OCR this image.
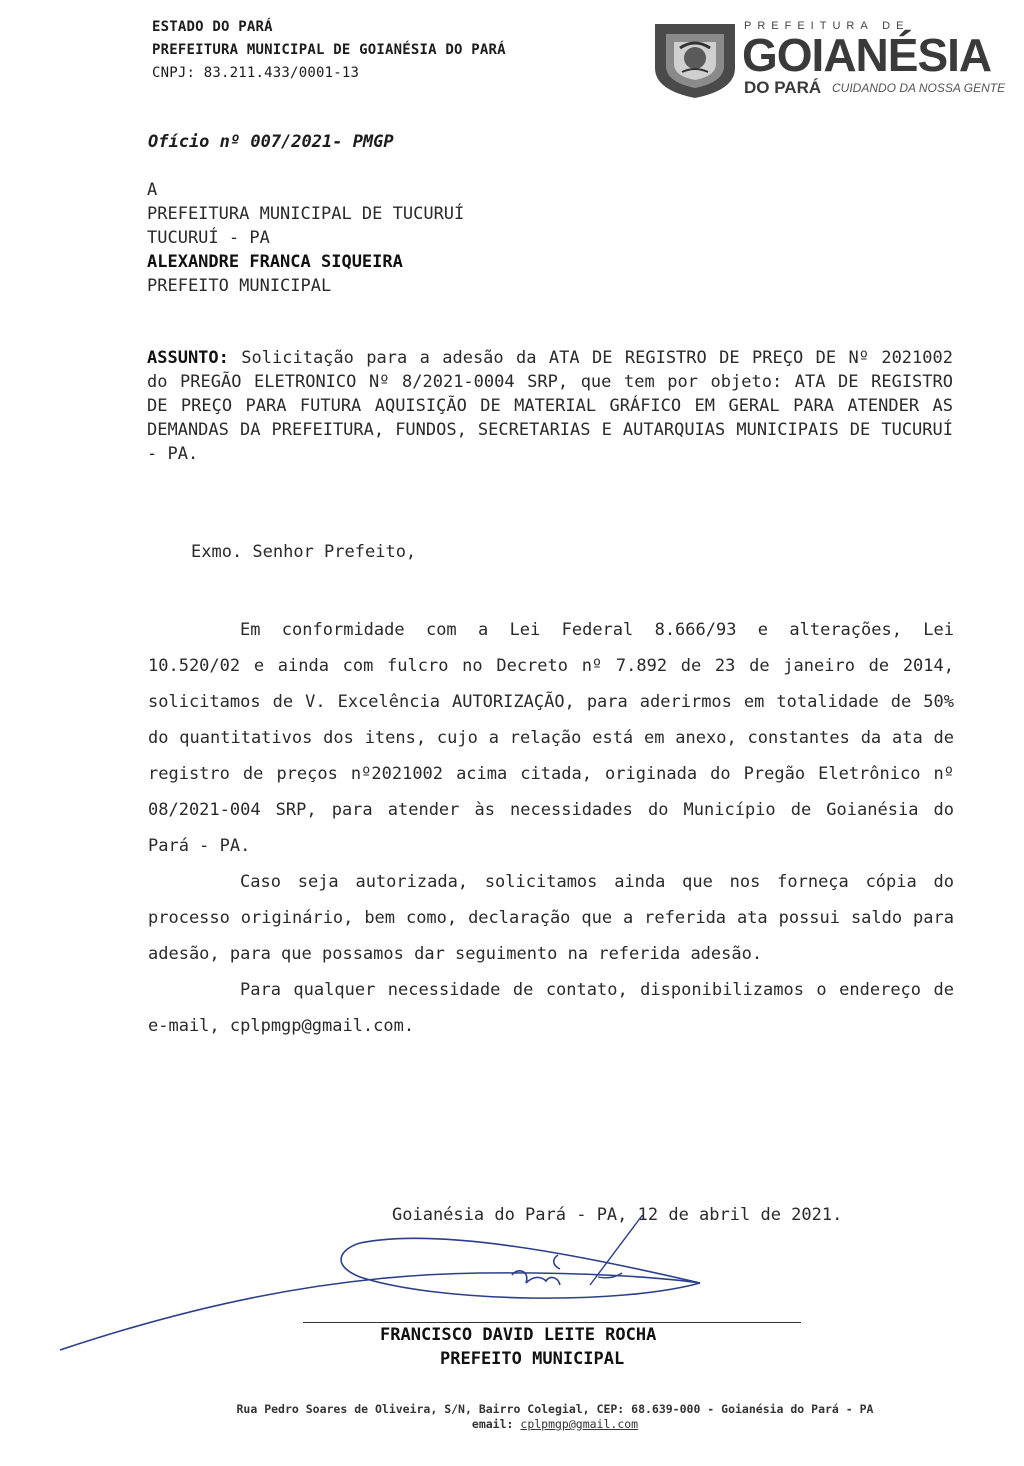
ESTADO DO PARÁ
PREFEITURA MUNICIPAL DE GOIANÉSIA DO PARÁ
CNPJ: 83.211.433/0001-13
PREFEITURA DE
GOIANÉSIA
DO PARÁ CUIDANDO DA NOSSA GENTE
Ofício nº 007/2021- PMGP
A
PREFEITURA MUNICIPAL DE TUCURUÍ
TUCURUÍ - PA
ALEXANDRE FRANCA SIQUEIRA
PREFEITO MUNICIPAL
ASSUNTO: Solicitação para a adesão da ATA DE REGISTRO DE PREÇO DE Nº 2021002 do PREGÃO ELETRONICO Nº 8/2021-0004 SRP, que tem por objeto: ATA DE REGISTRO DE PREÇO PARA FUTURA AQUISIÇÃO DE MATERIAL GRÁFICO EM GERAL PARA ATENDER AS DEMANDAS DA PREFEITURA, FUNDOS, SECRETARIAS E AUTARQUIAS MUNICIPAIS DE TUCURUÍ - PA.
Exmo. Senhor Prefeito,

Em conformidade com a Lei Federal 8.666/93 e alterações, Lei 10.520/02 e ainda com fulcro no Decreto nº 7.892 de 23 de janeiro de 2014, solicitamos de V. Excelência AUTORIZAÇÃO, para aderirmos em totalidade de 50% do quantitativos dos itens, cujo a relação está em anexo, constantes da ata de registro de preços nº2021002 acima citada, originada do Pregão Eletrônico nº 08/2021-004 SRP, para atender às necessidades do Município de Goianésia do Pará - PA.

Caso seja autorizada, solicitamos ainda que nos forneça cópia do processo originário, bem como, declaração que a referida ata possui saldo para adesão, para que possamos dar seguimento na referida adesão.

Para qualquer necessidade de contato, disponibilizamos o endereço de e-mail, cplpmgp@gmail.com.

Goianésia do Pará - PA, 12 de abril de 2021.
FRANCISCO DAVID LEITE ROCHA
PREFEITO MUNICIPAL
Rua Pedro Soares de Oliveira, S/N, Bairro Colegial, CEP: 68.639-000 - Goianésia do Pará - PA
email: cplpmgp@gmail.com
